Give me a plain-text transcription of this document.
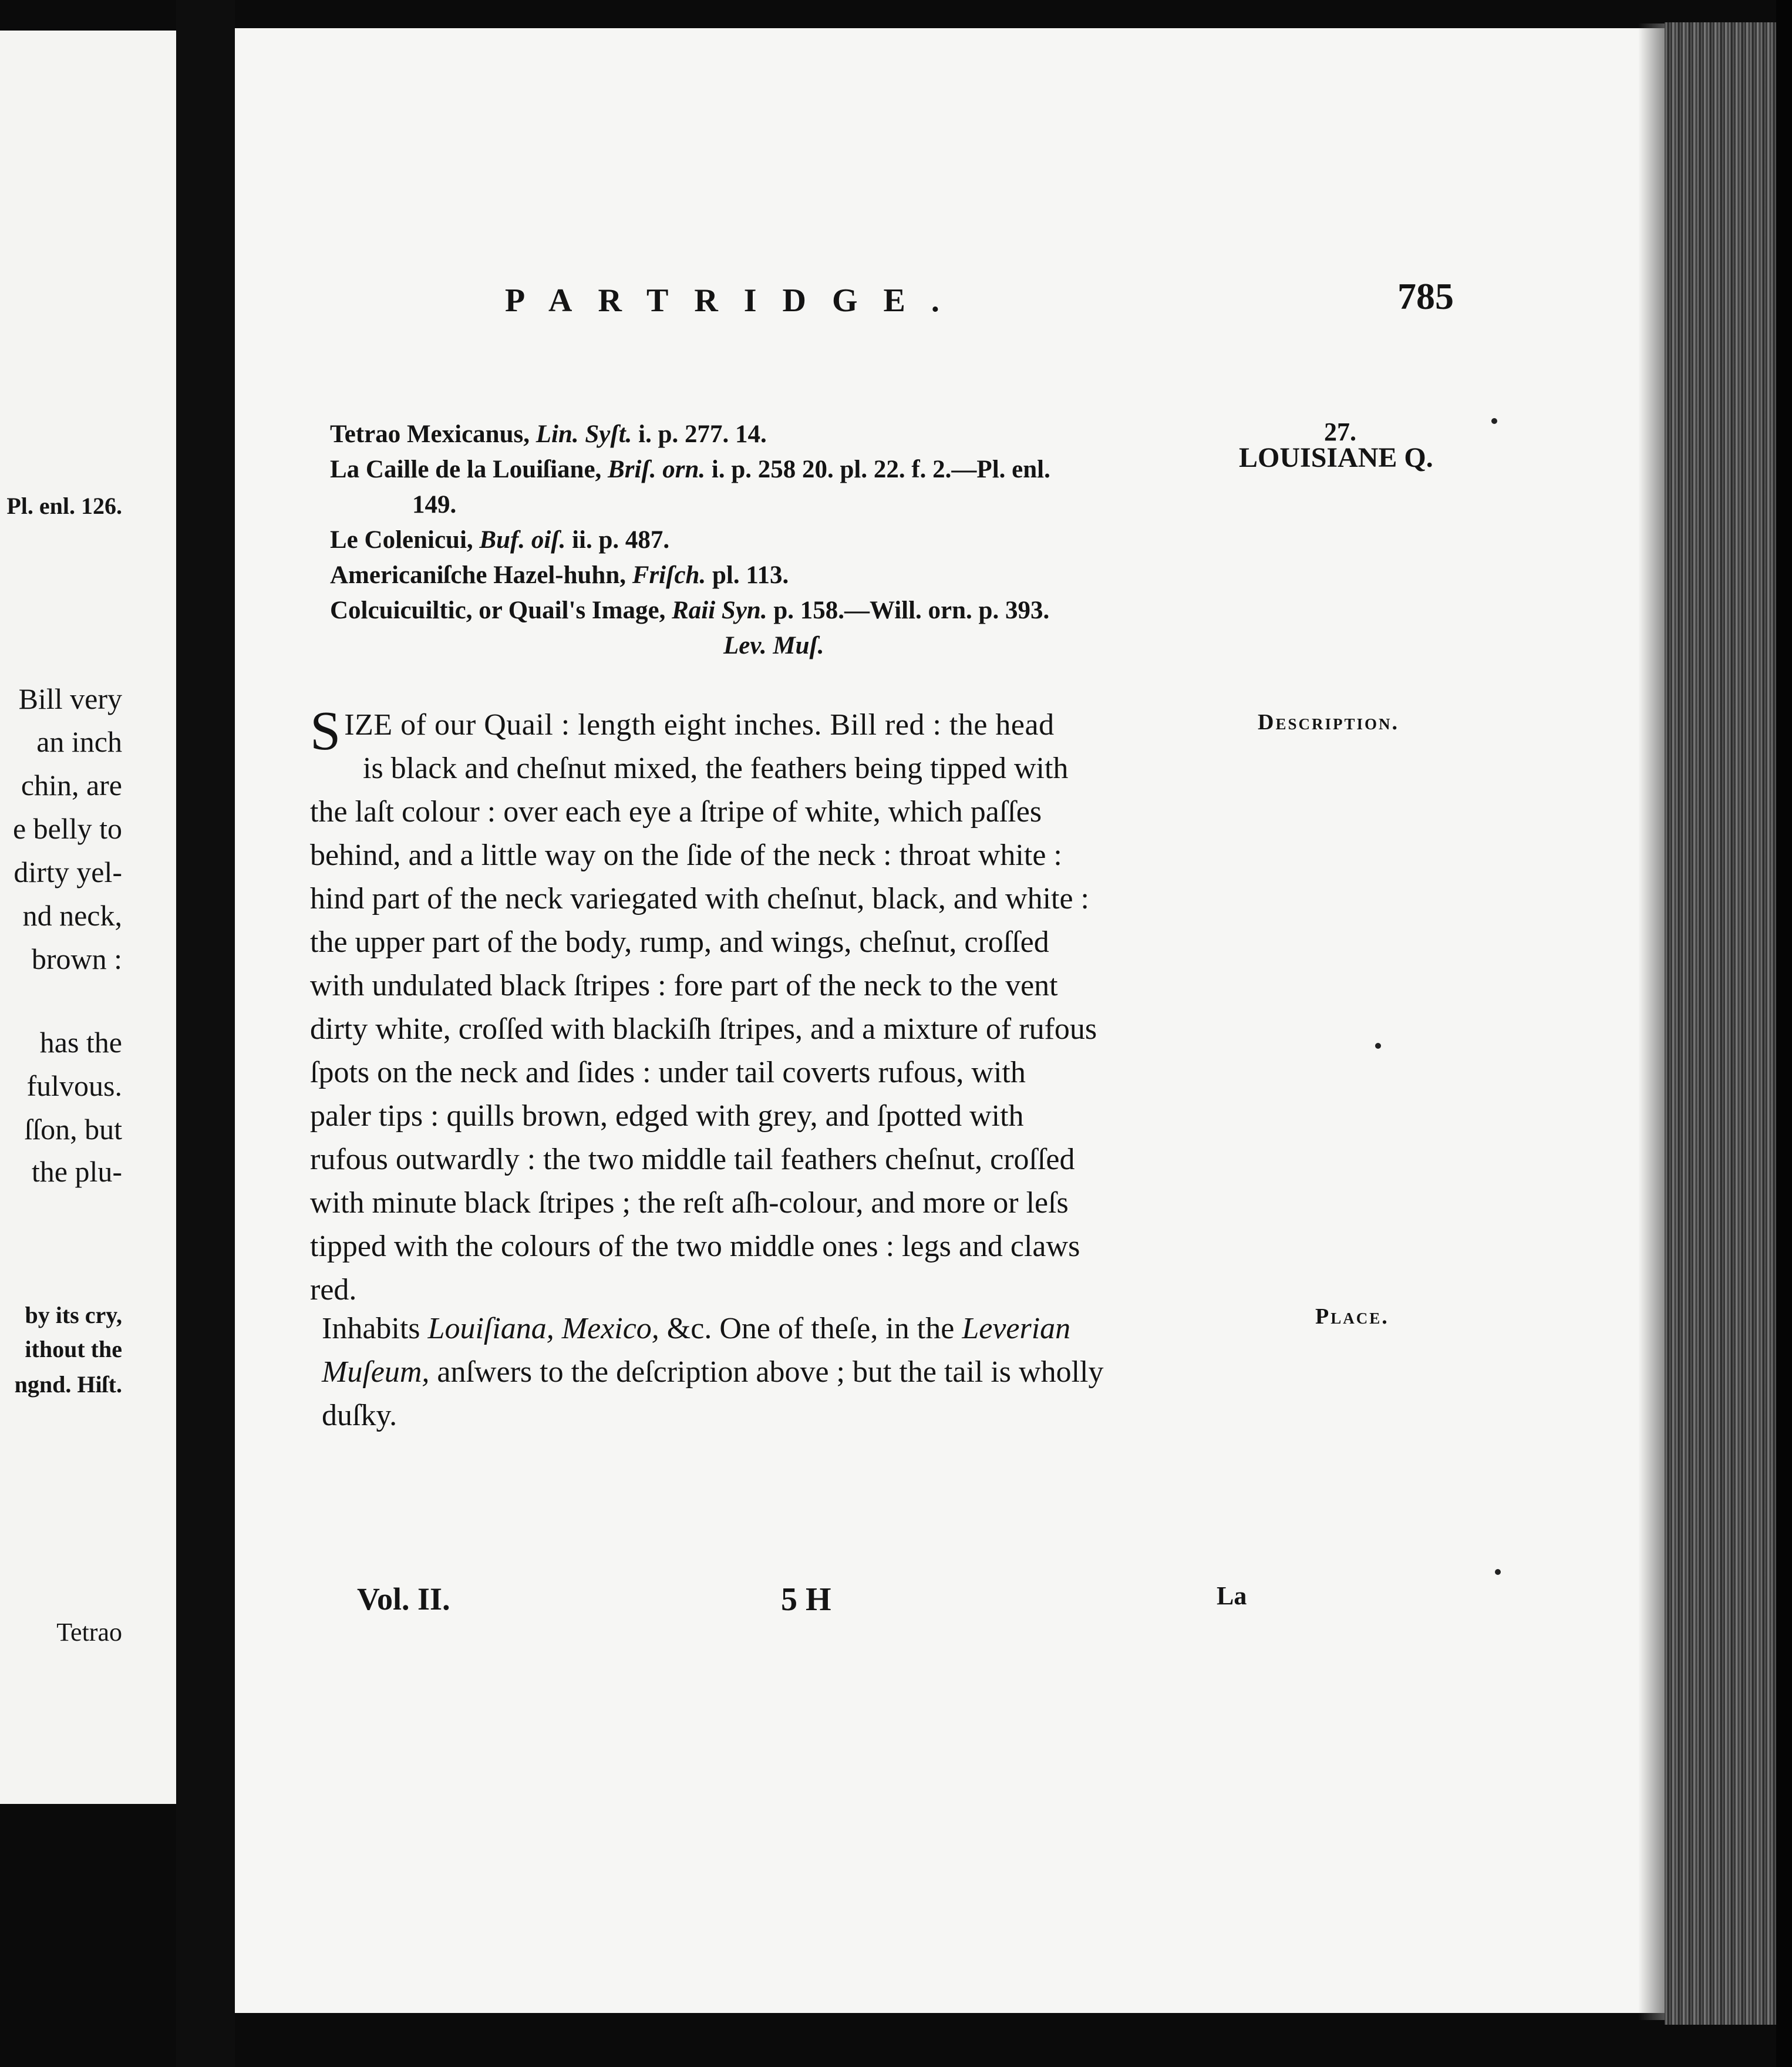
Pl. enl. 126.
Bill very
an inch
chin, are
e belly to
dirty yel-
nd neck,
brown :
has the
fulvous.
ſſon, but
the plu-
by its cry,
ithout the
ngnd. Hiſt.
Tetrao
PARTRIDGE.	785
27.
LOUISIANE Q.
Tetrao Mexicanus, Lin. Syſt. i. p. 277. 14.
La Caille de la Louiſiane, Briſ. orn. i. p. 258 20. pl. 22. f. 2.—Pl. enl.
149.
Le Colenicui, Buf. oiſ. ii. p. 487.
Americaniſche Hazel-huhn, Friſch. pl. 113.
Colcuicuiltic, or Quail's Image, Raii Syn. p. 158.—Will. orn. p. 393.
Lev. Muſ.
Description.
Place.
S IZE of our Quail : length eight inches. Bill red : the head
is black and cheſnut mixed, the feathers being tipped with
the laſt colour : over each eye a ſtripe of white, which paſſes
behind, and a little way on the ſide of the neck : throat white :
hind part of the neck variegated with cheſnut, black, and white :
the upper part of the body, rump, and wings, cheſnut, croſſed
with undulated black ſtripes : fore part of the neck to the vent
dirty white, croſſed with blackiſh ſtripes, and a mixture of rufous
ſpots on the neck and ſides : under tail coverts rufous, with
paler tips : quills brown, edged with grey, and ſpotted with
rufous outwardly : the two middle tail feathers cheſnut, croſſed
with minute black ſtripes ; the reſt aſh-colour, and more or leſs
tipped with the colours of the two middle ones : legs and claws
red.
Inhabits Louiſiana, Mexico, &c. One of theſe, in the Leverian
Muſeum, anſwers to the deſcription above ; but the tail is wholly
duſky.
Vol. II.	5 H	La
